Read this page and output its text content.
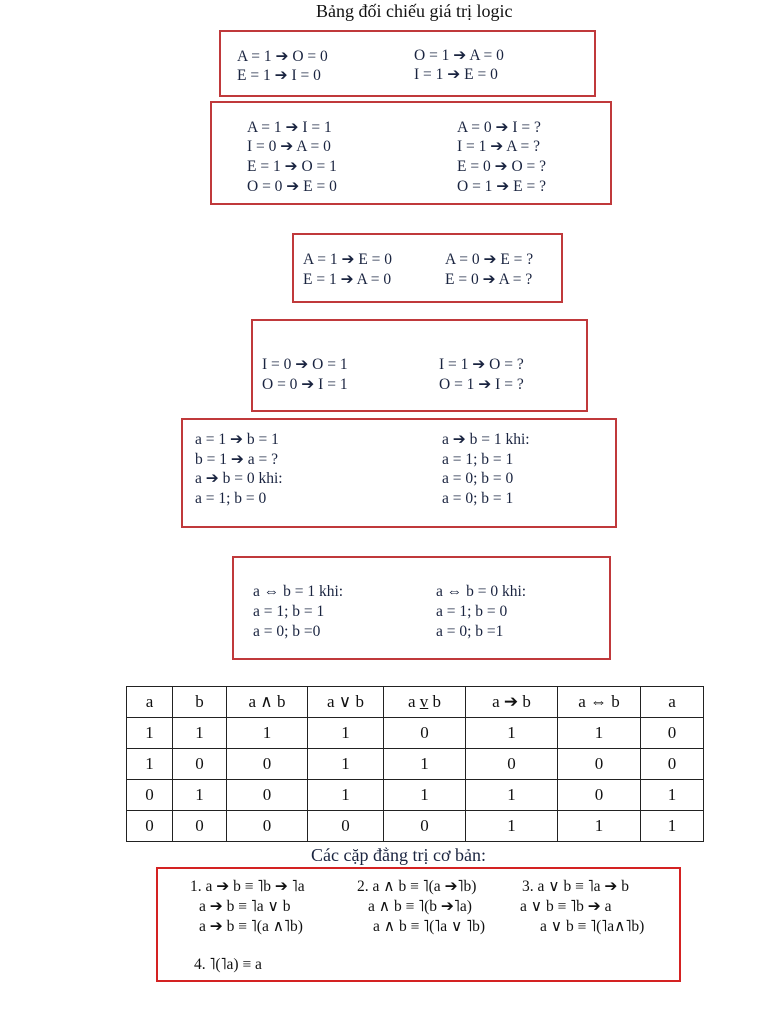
Bảng đối chiếu giá trị logic
A = 1 ➔ O = 0
E = 1 ➔ I = 0
O = 1 ➔ A = 0
I = 1 ➔ E = 0
A = 1 ➔ I = 1
I = 0 ➔ A = 0
E = 1 ➔ O = 1
O = 0 ➔ E = 0
A = 0 ➔ I = ?
I = 1 ➔ A = ?
E = 0 ➔ O = ?
O = 1 ➔ E = ?
A = 1 ➔ E = 0
E = 1 ➔ A = 0
A = 0 ➔ E = ?
E = 0 ➔ A = ?
I = 0 ➔ O = 1
O = 0 ➔ I = 1
I = 1 ➔ O = ?
O = 1 ➔ I = ?
a = 1 ➔ b = 1
b = 1 ➔ a = ?
a ➔ b = 0 khi:
a = 1; b = 0
a ➔ b = 1 khi:
a = 1; b = 1
a = 0; b = 0
a = 0; b = 1
a ⇔ b = 1 khi:
a = 1; b = 1
a = 0; b =0
a ⇔ b = 0 khi:
a = 1; b = 0
a = 0; b =1
a	b	a ∧ b	a ∨ b	a v b	a ➔ b	a ⇔ b	a
1	1	1	1	0	1	1	0
1	0	0	1	1	0	0	0
0	1	0	1	1	1	0	1
0	0	0	0	0	1	1	1
Các cặp đẳng trị cơ bản:
1. a ➔ b ≡ ˥b ➔ ˥a	2. a ∧ b ≡ ˥(a ➔˥b)	3. a ∨ b ≡ ˥a ➔ b
a ➔ b ≡ ˥a ∨ b	a ∧ b ≡ ˥(b ➔˥a)	a ∨ b ≡ ˥b ➔ a
a ➔ b ≡ ˥(a ∧˥b)	a ∧ b ≡ ˥(˥a ∨ ˥b)	a ∨ b ≡ ˥(˥a∧˥b)
4. ˥(˥a) ≡ a
